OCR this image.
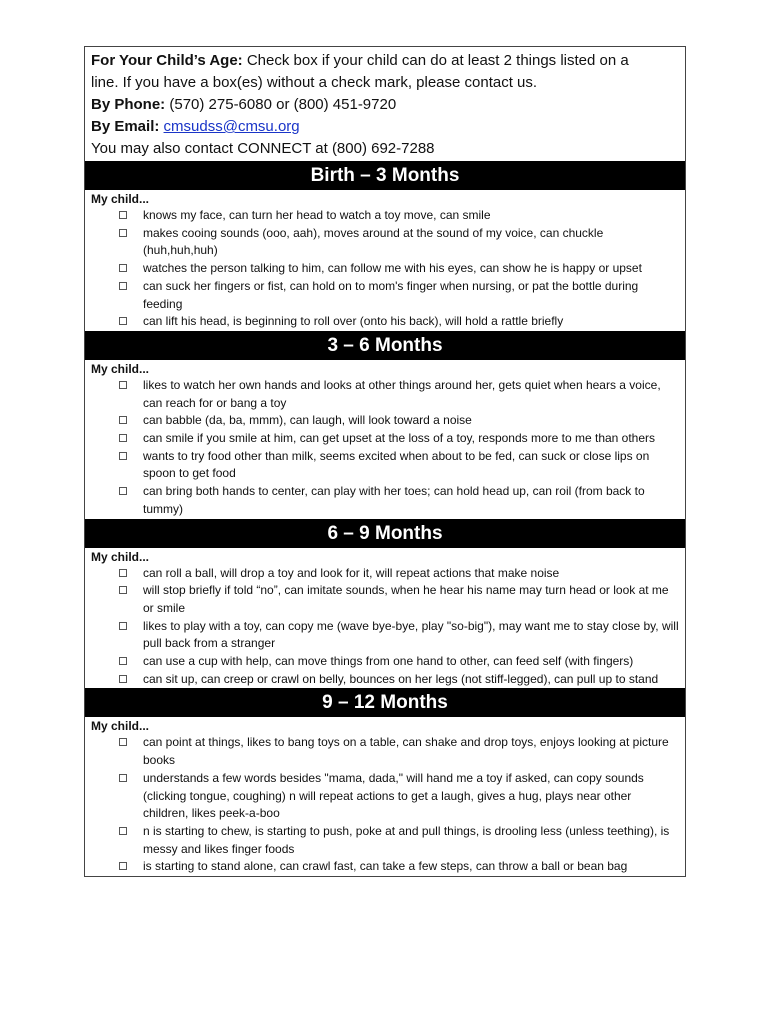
For Your Child’s Age: Check box if your child can do at least 2 things listed on a
line. If you have a box(es) without a check mark, please contact us.
By Phone: (570) 275-6080 or (800) 451-9720
By Email: cmsudss@cmsu.org
You may also contact CONNECT at (800) 692-7288
Birth – 3 Months
My child...
knows my face, can turn her head to watch a toy move, can smile
makes cooing sounds (ooo, aah), moves around at the sound of my voice, can chuckle (huh,huh,huh)
watches the person talking to him, can follow me with his eyes, can show he is happy or upset
can suck her fingers or fist, can hold on to mom's finger when nursing, or pat the bottle during feeding
can lift his head, is beginning to roll over (onto his back), will hold a rattle briefly
3 – 6 Months
My child...
likes to watch her own hands and looks at other things around her, gets quiet when hears a voice, can reach for or bang a toy
can babble (da, ba, mmm), can laugh, will look toward a noise
can smile if you smile at him, can get upset at the loss of a toy, responds more to me than others
wants to try food other than milk, seems excited when about to be fed, can suck or close lips on spoon to get food
can bring both hands to center, can play with her toes; can hold head up, can roil (from back to tummy)
6 – 9 Months
My child...
can roll a ball, will drop a toy and look for it, will repeat actions that make noise
will stop briefly if told “no”, can imitate sounds, when he hear his name may turn head or look at me or smile
likes to play with a toy, can copy me (wave bye-bye, play "so-big"), may want me to stay close by, will pull back from a stranger
can use a cup with help, can move things from one hand to other, can feed self (with fingers)
can sit up, can creep or crawl on belly, bounces on her legs (not stiff-legged), can pull up to stand
9 – 12 Months
My child...
can point at things, likes to bang toys on a table, can shake and drop toys, enjoys looking at picture books
understands a few words besides "mama, dada," will hand me a toy if asked, can copy sounds (clicking tongue, coughing) n will repeat actions to get a laugh, gives a hug, plays near other children, likes peek-a-boo
n is starting to chew, is starting to push, poke at and pull things, is drooling less (unless teething), is messy and likes finger foods
is starting to stand alone, can crawl fast, can take a few steps, can throw a ball or bean bag
